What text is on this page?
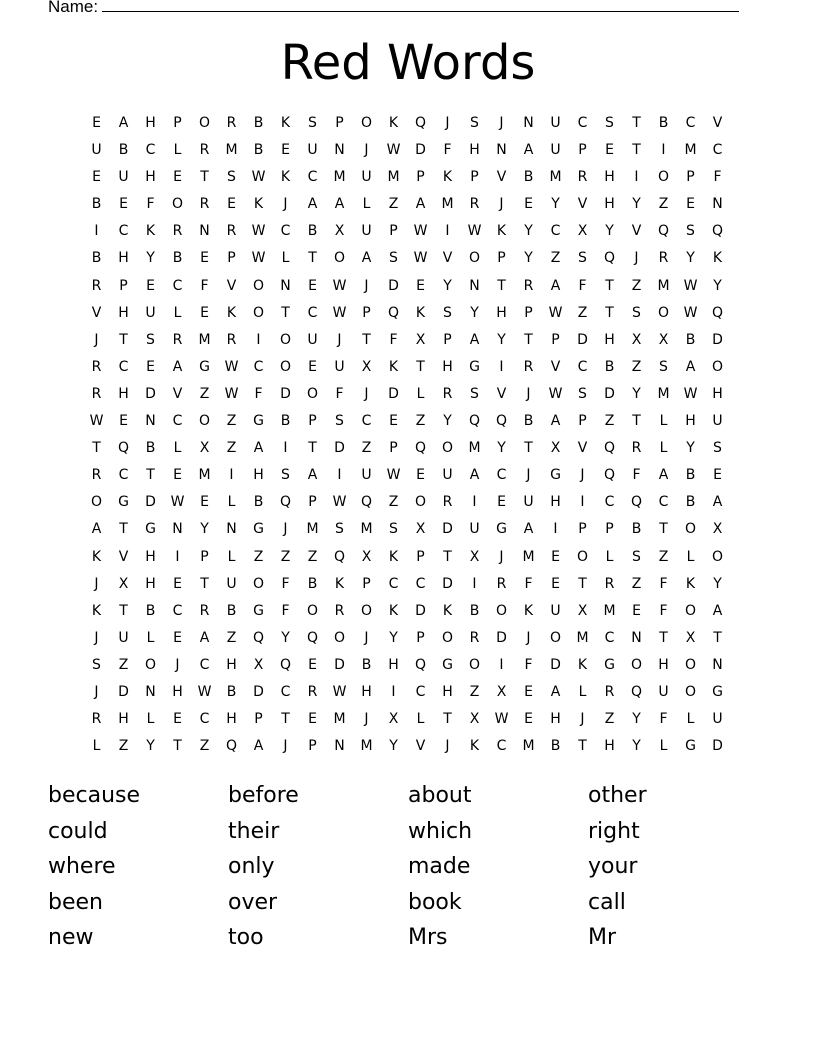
Name:
Red Words
E	A	H	P	O	R	B	K	S	P	O	K	Q	J	S	J	N	U	C	S	T	B	C	V
U	B	C	L	R	M	B	E	U	N	J	W	D	F	H	N	A	U	P	E	T	I	M	C
E	U	H	E	T	S	W	K	C	M	U	M	P	K	P	V	B	M	R	H	I	O	P	F
B	E	F	O	R	E	K	J	A	A	L	Z	A	M	R	J	E	Y	V	H	Y	Z	E	N
I	C	K	R	N	R	W	C	B	X	U	P	W	I	W	K	Y	C	X	Y	V	Q	S	Q
B	H	Y	B	E	P	W	L	T	O	A	S	W	V	O	P	Y	Z	S	Q	J	R	Y	K
R	P	E	C	F	V	O	N	E	W	J	D	E	Y	N	T	R	A	F	T	Z	M	W	Y
V	H	U	L	E	K	O	T	C	W	P	Q	K	S	Y	H	P	W	Z	T	S	O	W	Q
J	T	S	R	M	R	I	O	U	J	T	F	X	P	A	Y	T	P	D	H	X	X	B	D
R	C	E	A	G	W	C	O	E	U	X	K	T	H	G	I	R	V	C	B	Z	S	A	O
R	H	D	V	Z	W	F	D	O	F	J	D	L	R	S	V	J	W	S	D	Y	M	W	H
W	E	N	C	O	Z	G	B	P	S	C	E	Z	Y	Q	Q	B	A	P	Z	T	L	H	U
T	Q	B	L	X	Z	A	I	T	D	Z	P	Q	O	M	Y	T	X	V	Q	R	L	Y	S
R	C	T	E	M	I	H	S	A	I	U	W	E	U	A	C	J	G	J	Q	F	A	B	E
O	G	D	W	E	L	B	Q	P	W	Q	Z	O	R	I	E	U	H	I	C	Q	C	B	A
A	T	G	N	Y	N	G	J	M	S	M	S	X	D	U	G	A	I	P	P	B	T	O	X
K	V	H	I	P	L	Z	Z	Z	Q	X	K	P	T	X	J	M	E	O	L	S	Z	L	O
J	X	H	E	T	U	O	F	B	K	P	C	C	D	I	R	F	E	T	R	Z	F	K	Y
K	T	B	C	R	B	G	F	O	R	O	K	D	K	B	O	K	U	X	M	E	F	O	A
J	U	L	E	A	Z	Q	Y	Q	O	J	Y	P	O	R	D	J	O	M	C	N	T	X	T
S	Z	O	J	C	H	X	Q	E	D	B	H	Q	G	O	I	F	D	K	G	O	H	O	N
J	D	N	H	W	B	D	C	R	W	H	I	C	H	Z	X	E	A	L	R	Q	U	O	G
R	H	L	E	C	H	P	T	E	M	J	X	L	T	X	W	E	H	J	Z	Y	F	L	U
L	Z	Y	T	Z	Q	A	J	P	N	M	Y	V	J	K	C	M	B	T	H	Y	L	G	D
because	before	about	other
could	their	which	right
where	only	made	your
been	over	book	call
new	too	Mrs	Mr
